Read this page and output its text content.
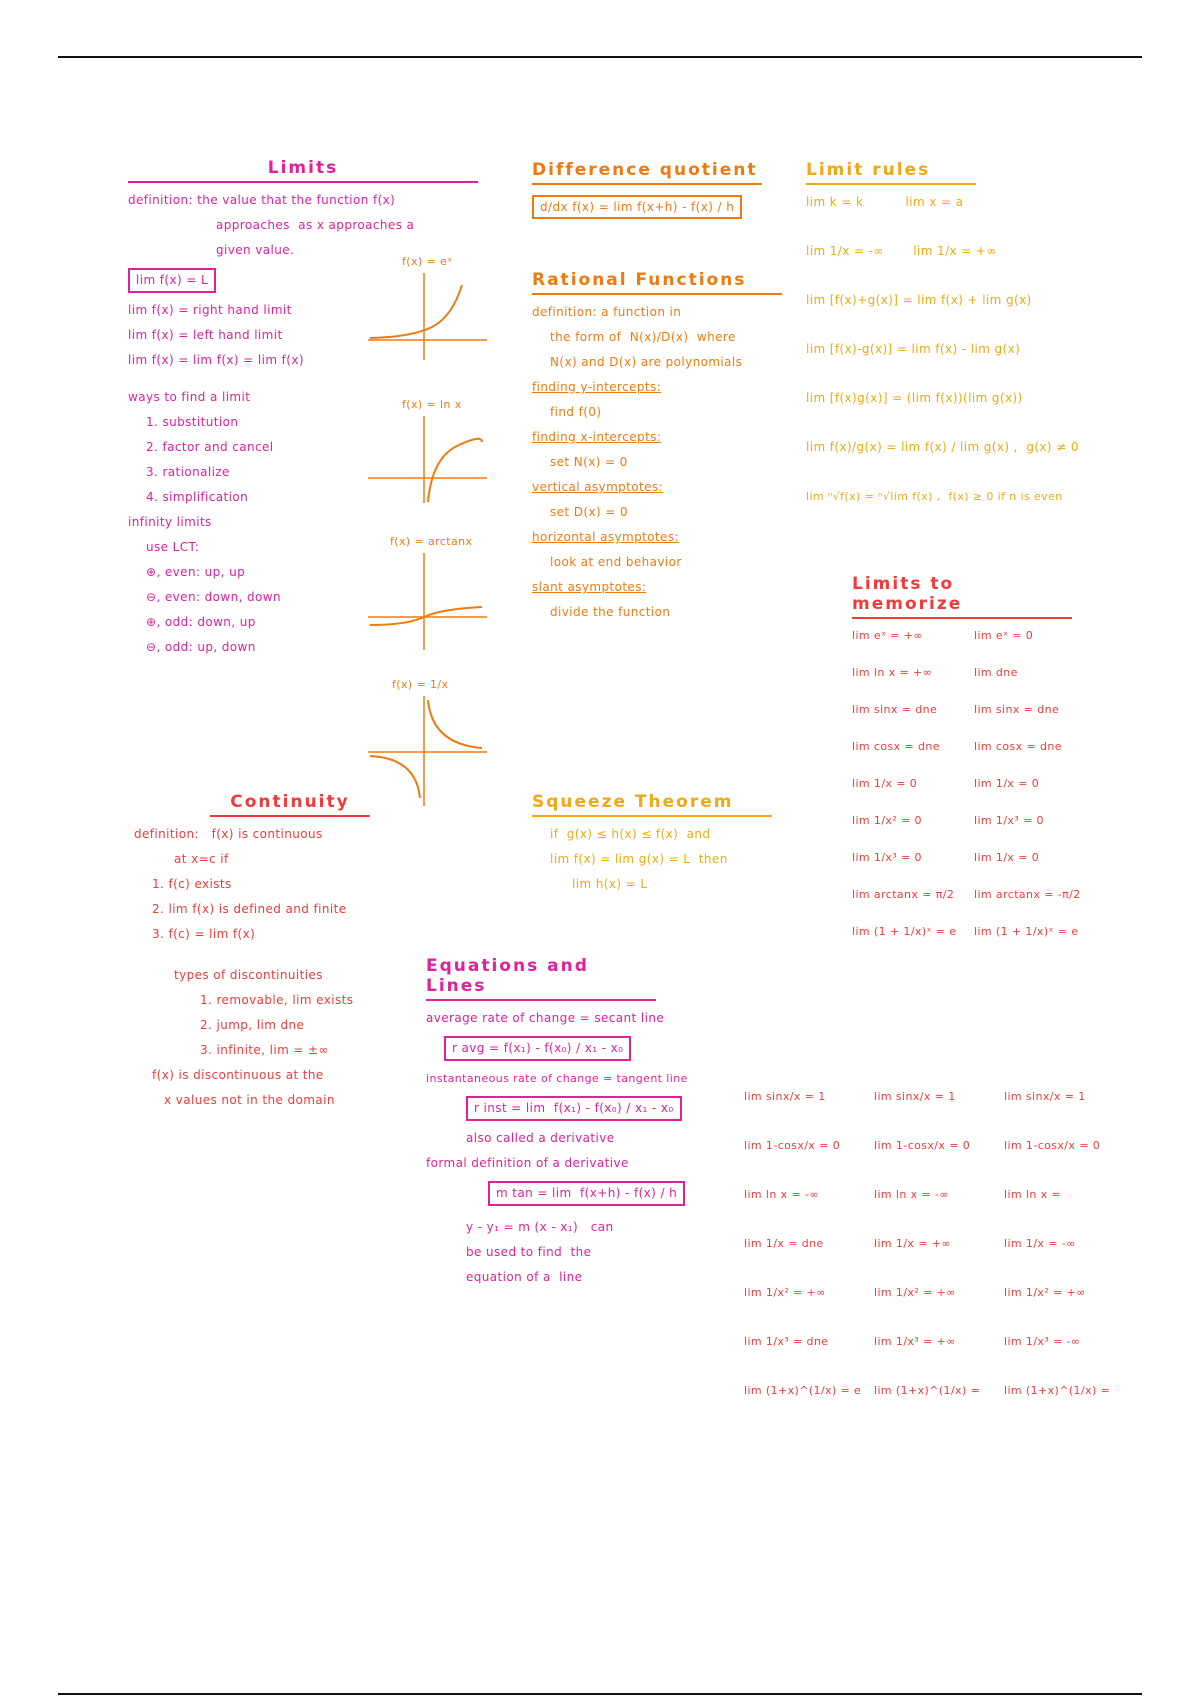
Limits
definition: the value that the function f(x)
approaches  as x approaches a
given value.
lim f(x) = L
lim f(x) = right hand limit
lim f(x) = left hand limit
lim f(x) = lim f(x) = lim f(x)
ways to find a limit
1. substitution
2. factor and cancel
3. rationalize
4. simplification
infinity limits
use LCT:
⊕, even: up, up
⊖, even: down, down
⊕, odd: down, up
⊖, odd: up, down
f(x) = eˣ
f(x) = ln x
f(x) = arctanx
f(x) = 1/x
Continuity
definition:   f(x) is continuous
at x=c if
1. f(c) exists
2. lim f(x) is defined and finite
3. f(c) = lim f(x)
types of discontinuities
1. removable, lim exists
2. jump, lim dne
3. infinite, lim = ±∞
f(x) is discontinuous at the
x values not in the domain
Difference quotient
d/dx f(x) = lim f(x+h) - f(x) / h
Rational Functions
definition: a function in
the form of  N(x)/D(x)  where
N(x) and D(x) are polynomials
finding y-intercepts:
find f(0)
finding x-intercepts:
set N(x) = 0
vertical asymptotes:
set D(x) = 0
horizontal asymptotes:
look at end behavior
slant asymptotes:
divide the function
Squeeze Theorem
if  g(x) ≤ h(x) ≤ f(x)  and
lim f(x) = lim g(x) = L  then
lim h(x) = L
Equations and Lines
average rate of change = secant line
r avg = f(x₁) - f(x₀) / x₁ - x₀
instantaneous rate of change = tangent line
r inst = lim  f(x₁) - f(x₀) / x₁ - x₀
also called a derivative
formal definition of a derivative
m tan = lim  f(x+h) - f(x) / h
y - y₁ = m (x - x₁)   can
be used to find  the
equation of a  line
Limit rules
lim k = k          lim x = a
lim 1/x = -∞       lim 1/x = +∞
lim [f(x)+g(x)] = lim f(x) + lim g(x)
lim [f(x)-g(x)] = lim f(x) - lim g(x)
lim [f(x)g(x)] = (lim f(x))(lim g(x))
lim f(x)/g(x) = lim f(x) / lim g(x) ,  g(x) ≠ 0
lim ⁿ√f(x) = ⁿ√lim f(x) ,  f(x) ≥ 0 if n is even
Limits to memorize
lim eˣ = +∞	lim eˣ = 0
lim ln x = +∞	lim dne
lim sinx = dne	lim sinx = dne
lim cosx = dne	lim cosx = dne
lim 1/x = 0	lim 1/x = 0
lim 1/x² = 0	lim 1/x³ = 0
lim 1/x³ = 0	lim 1/x = 0
lim arctanx = π/2	lim arctanx = -π/2
lim (1 + 1/x)ˣ = e	lim (1 + 1/x)ˣ = e
lim sinx/x = 1	lim sinx/x = 1	lim sinx/x = 1
lim 1-cosx/x = 0	lim 1-cosx/x = 0	lim 1-cosx/x = 0
lim ln x = -∞	lim ln x = -∞	lim ln x =
lim 1/x = dne	lim 1/x = +∞	lim 1/x = -∞
lim 1/x² = +∞	lim 1/x² = +∞	lim 1/x² = +∞
lim 1/x³ = dne	lim 1/x³ = +∞	lim 1/x³ = -∞
lim (1+x)^(1/x) = e	lim (1+x)^(1/x) =	lim (1+x)^(1/x) =
